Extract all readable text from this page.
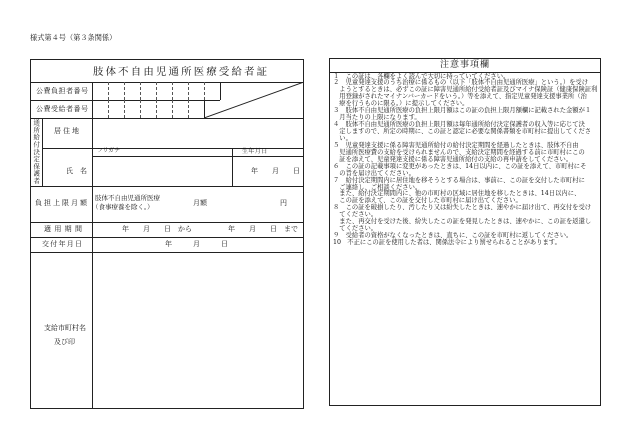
様式第４号（第３条関係）
肢体不自由児通所医療受給者証
公費負担者番号
公費受給者番号
通所給付決定保護者 居住地
フリガナ	生年月日
氏　名	年　　月　　日
負担上限月額
肢体不自由児通所医療
（食事療養を除く。）
月額	円
適用期間	年　　月　　日　から	年　　月　　日　まで
交付年月日	年　　　月　　　日
支給市町村名
及び印
注意事項欄
１　この証は、各欄をよく読んで大切に持っていてください。
２　児童発達支援のうち治療に係るもの（以下「肢体不自由児通所医療」という。）を受け
　ようとするときは、必ずこの証に障害児通所給付受給者証及びマイナ保険証（健康保険証利
　用登録がされたマイナンバーカードをいう。）等を添えて、指定児童発達支援事業所（治
　療を行うものに限る。）に提示してください。
３　肢体不自由児通所医療の負担上限月額はこの証の負担上限月額欄に記載された金額が１
　月当たりの上限になります。
４　肢体不自由児通所医療の負担上限月額は毎年通所給付決定保護者の収入等に応じて決
　定しますので、所定の時期に、この証と認定に必要な関係書類を市町村に提出してくださ
　い。
５　児童発達支援に係る障害児通所給付の給付決定期間を経過したときは、肢体不自由
　児通所医療費の支給を受けられませんので、支給決定期間を経過する前に市町村にこの
　証を添えて、児童発達支援に係る障害児通所給付の支給の再申請をしてください。
６　この証の記載事項に変更があったときは、14日以内に、この証を添えて、市町村にそ
　の旨を届け出てください。
７　給付決定期間内に居住地を移そうとする場合は、事前に、この証を交付した市町村に
　ご連絡し、ご相談ください。
　また、給付決定期間内に、他の市町村の区域に居住地を移したときは、14日以内に、
　この証を添えて、この証を交付した市町村に届け出てください。
８　この証を破損したり、汚したり又は紛失したときは、速やかに届け出て、再交付を受け
　てください。
　また、再交付を受けた後、紛失したこの証を発見したときは、速やかに、この証を返還し
　てください。
９　受給者の資格がなくなったときは、直ちに、この証を市町村に返してください。
10　不正にこの証を使用した者は、関係法令により罰せられることがあります。
